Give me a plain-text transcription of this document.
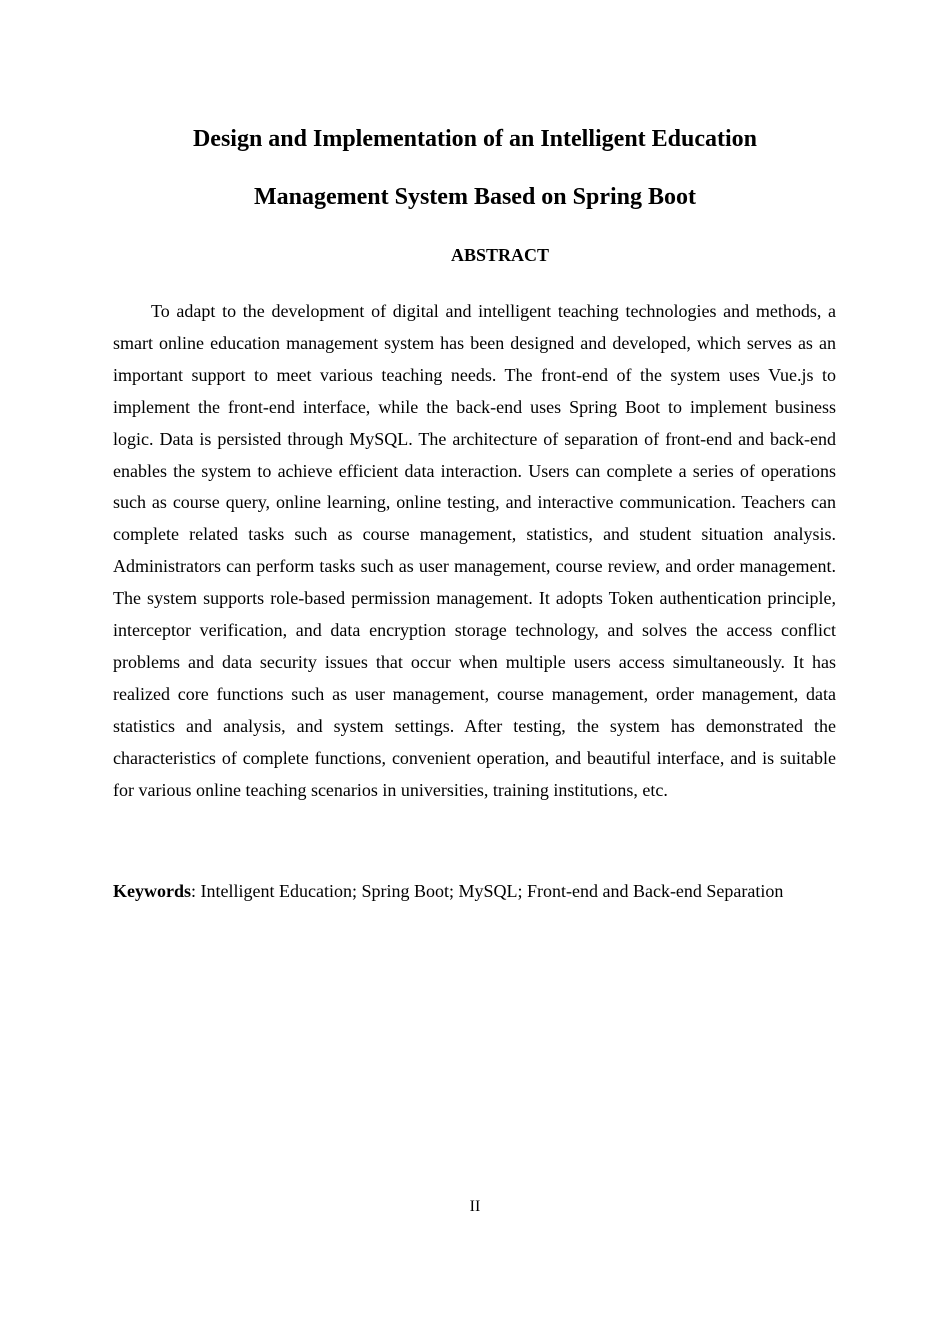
Design and Implementation of an Intelligent Education
Management System Based on Spring Boot
ABSTRACT

To adapt to the development of digital and intelligent teaching technologies and methods, a smart online education management system has been designed and developed, which serves as an important support to meet various teaching needs. The front-end of the system uses Vue.js to implement the front-end interface, while the back-end uses Spring Boot to implement business logic. Data is persisted through MySQL. The architecture of separation of front-end and back-end enables the system to achieve efficient data interaction. Users can complete a series of operations such as course query, online learning, online testing, and interactive communication. Teachers can complete related tasks such as course management, statistics, and student situation analysis. Administrators can perform tasks such as user management, course review, and order management. The system supports role-based permission management. It adopts Token authentication principle, interceptor verification, and data encryption storage technology, and solves the access conflict problems and data security issues that occur when multiple users access simultaneously. It has realized core functions such as user management, course management, order management, data statistics and analysis, and system settings. After testing, the system has demonstrated the characteristics of complete functions, convenient operation, and beautiful interface, and is suitable for various online teaching scenarios in universities, training institutions, etc.

Keywords: Intelligent Education; Spring Boot; MySQL; Front-end and Back-end Separation
II
